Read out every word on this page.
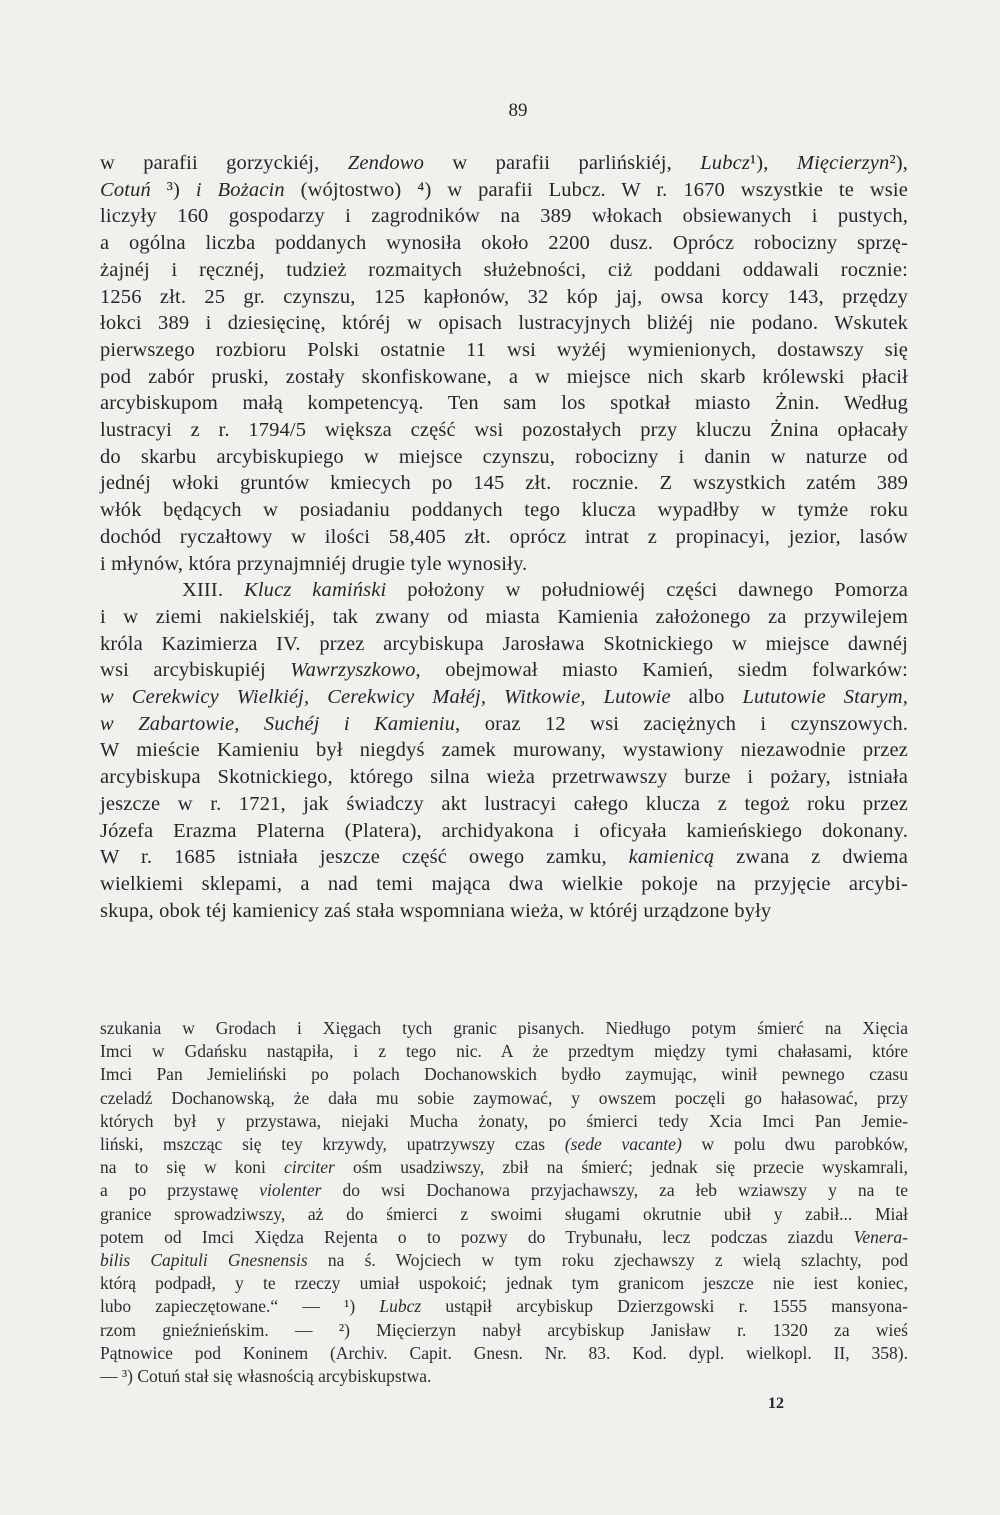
89
w parafii gorzyckiéj, Zendowo w parafii parlińskiéj, Lubcz¹), Mięcierzyn²),
Cotuń ³) i Bożacin (wójtostwo) ⁴) w parafii Lubcz. W r. 1670 wszystkie te wsie
liczyły 160 gospodarzy i zagrodników na 389 włokach obsiewanych i pustych,
a ogólna liczba poddanych wynosiła około 2200 dusz. Oprócz robocizny sprzę-
żajnéj i ręcznéj, tudzież rozmaitych służebności, ciż poddani oddawali rocznie:
1256 złt. 25 gr. czynszu, 125 kapłonów, 32 kóp jaj, owsa korcy 143, przędzy
łokci 389 i dziesięcinę, któréj w opisach lustracyjnych bliżéj nie podano. Wskutek
pierwszego rozbioru Polski ostatnie 11 wsi wyżéj wymienionych, dostawszy się
pod zabór pruski, zostały skonfiskowane, a w miejsce nich skarb królewski płacił
arcybiskupom małą kompetencyą. Ten sam los spotkał miasto Żnin. Według
lustracyi z r. 1794/5 większa część wsi pozostałych przy kluczu Żnina opłacały
do skarbu arcybiskupiego w miejsce czynszu, robocizny i danin w naturze od
jednéj włoki gruntów kmiecych po 145 złt. rocznie. Z wszystkich zatém 389
włók będących w posiadaniu poddanych tego klucza wypadłby w tymże roku
dochód ryczałtowy w ilości 58,405 złt. oprócz intrat z propinacyi, jezior, lasów
i młynów, która przynajmniéj drugie tyle wynosiły.
XIII. Klucz kamiński położony w południowéj części dawnego Pomorza
i w ziemi nakielskiéj, tak zwany od miasta Kamienia założonego za przywilejem
króla Kazimierza IV. przez arcybiskupa Jarosława Skotnickiego w miejsce dawnéj
wsi arcybiskupiéj Wawrzyszkowo, obejmował miasto Kamień, siedm folwarków:
w Cerekwicy Wielkiéj, Cerekwicy Małéj, Witkowie, Lutowie albo Lututowie Starym,
w Zabartowie, Suchéj i Kamieniu, oraz 12 wsi zaciężnych i czynszowych.
W mieście Kamieniu był niegdyś zamek murowany, wystawiony niezawodnie przez
arcybiskupa Skotnickiego, którego silna wieża przetrwawszy burze i pożary, istniała
jeszcze w r. 1721, jak świadczy akt lustracyi całego klucza z tegoż roku przez
Józefa Erazma Platerna (Platera), archidyakona i oficyała kamieńskiego dokonany.
W r. 1685 istniała jeszcze część owego zamku, kamienicą zwana z dwiema
wielkiemi sklepami, a nad temi mająca dwa wielkie pokoje na przyjęcie arcybi-
skupa, obok téj kamienicy zaś stała wspomniana wieża, w któréj urządzone były
szukania w Grodach i Xięgach tych granic pisanych. Niedługo potym śmierć na Xięcia
Imci w Gdańsku nastąpiła, i z tego nic. A że przedtym między tymi chałasami, które
Imci Pan Jemieliński po polach Dochanowskich bydło zaymując, winił pewnego czasu
czeladź Dochanowską, że dała mu sobie zaymować, y owszem poczęli go hałasować, przy
których był y przystawa, niejaki Mucha żonaty, po śmierci tedy Xcia Imci Pan Jemie-
liński, mszcząc się tey krzywdy, upatrzywszy czas (sede vacante) w polu dwu parobków,
na to się w koni circiter ośm usadziwszy, zbił na śmierć; jednak się przecie wyskamrali,
a po przystawę violenter do wsi Dochanowa przyjachawszy, za łeb wziawszy y na te
granice sprowadziwszy, aż do śmierci z swoimi sługami okrutnie ubił y zabił... Miał
potem od Imci Xiędza Rejenta o to pozwy do Trybunału, lecz podczas ziazdu Venera-
bilis Capituli Gnesnensis na ś. Wojciech w tym roku zjechawszy z wielą szlachty, pod
którą podpadł, y te rzeczy umiał uspokoić; jednak tym granicom jeszcze nie iest koniec,
lubo zapieczętowane.“ — ¹) Lubcz ustąpił arcybiskup Dzierzgowski r. 1555 mansyona-
rzom gnieźnieńskim. — ²) Mięcierzyn nabył arcybiskup Janisław r. 1320 za wieś
Pątnowice pod Koninem (Archiv. Capit. Gnesn. Nr. 83. Kod. dypl. wielkopl. II, 358).
— ³) Cotuń stał się własnością arcybiskupstwa.
12
